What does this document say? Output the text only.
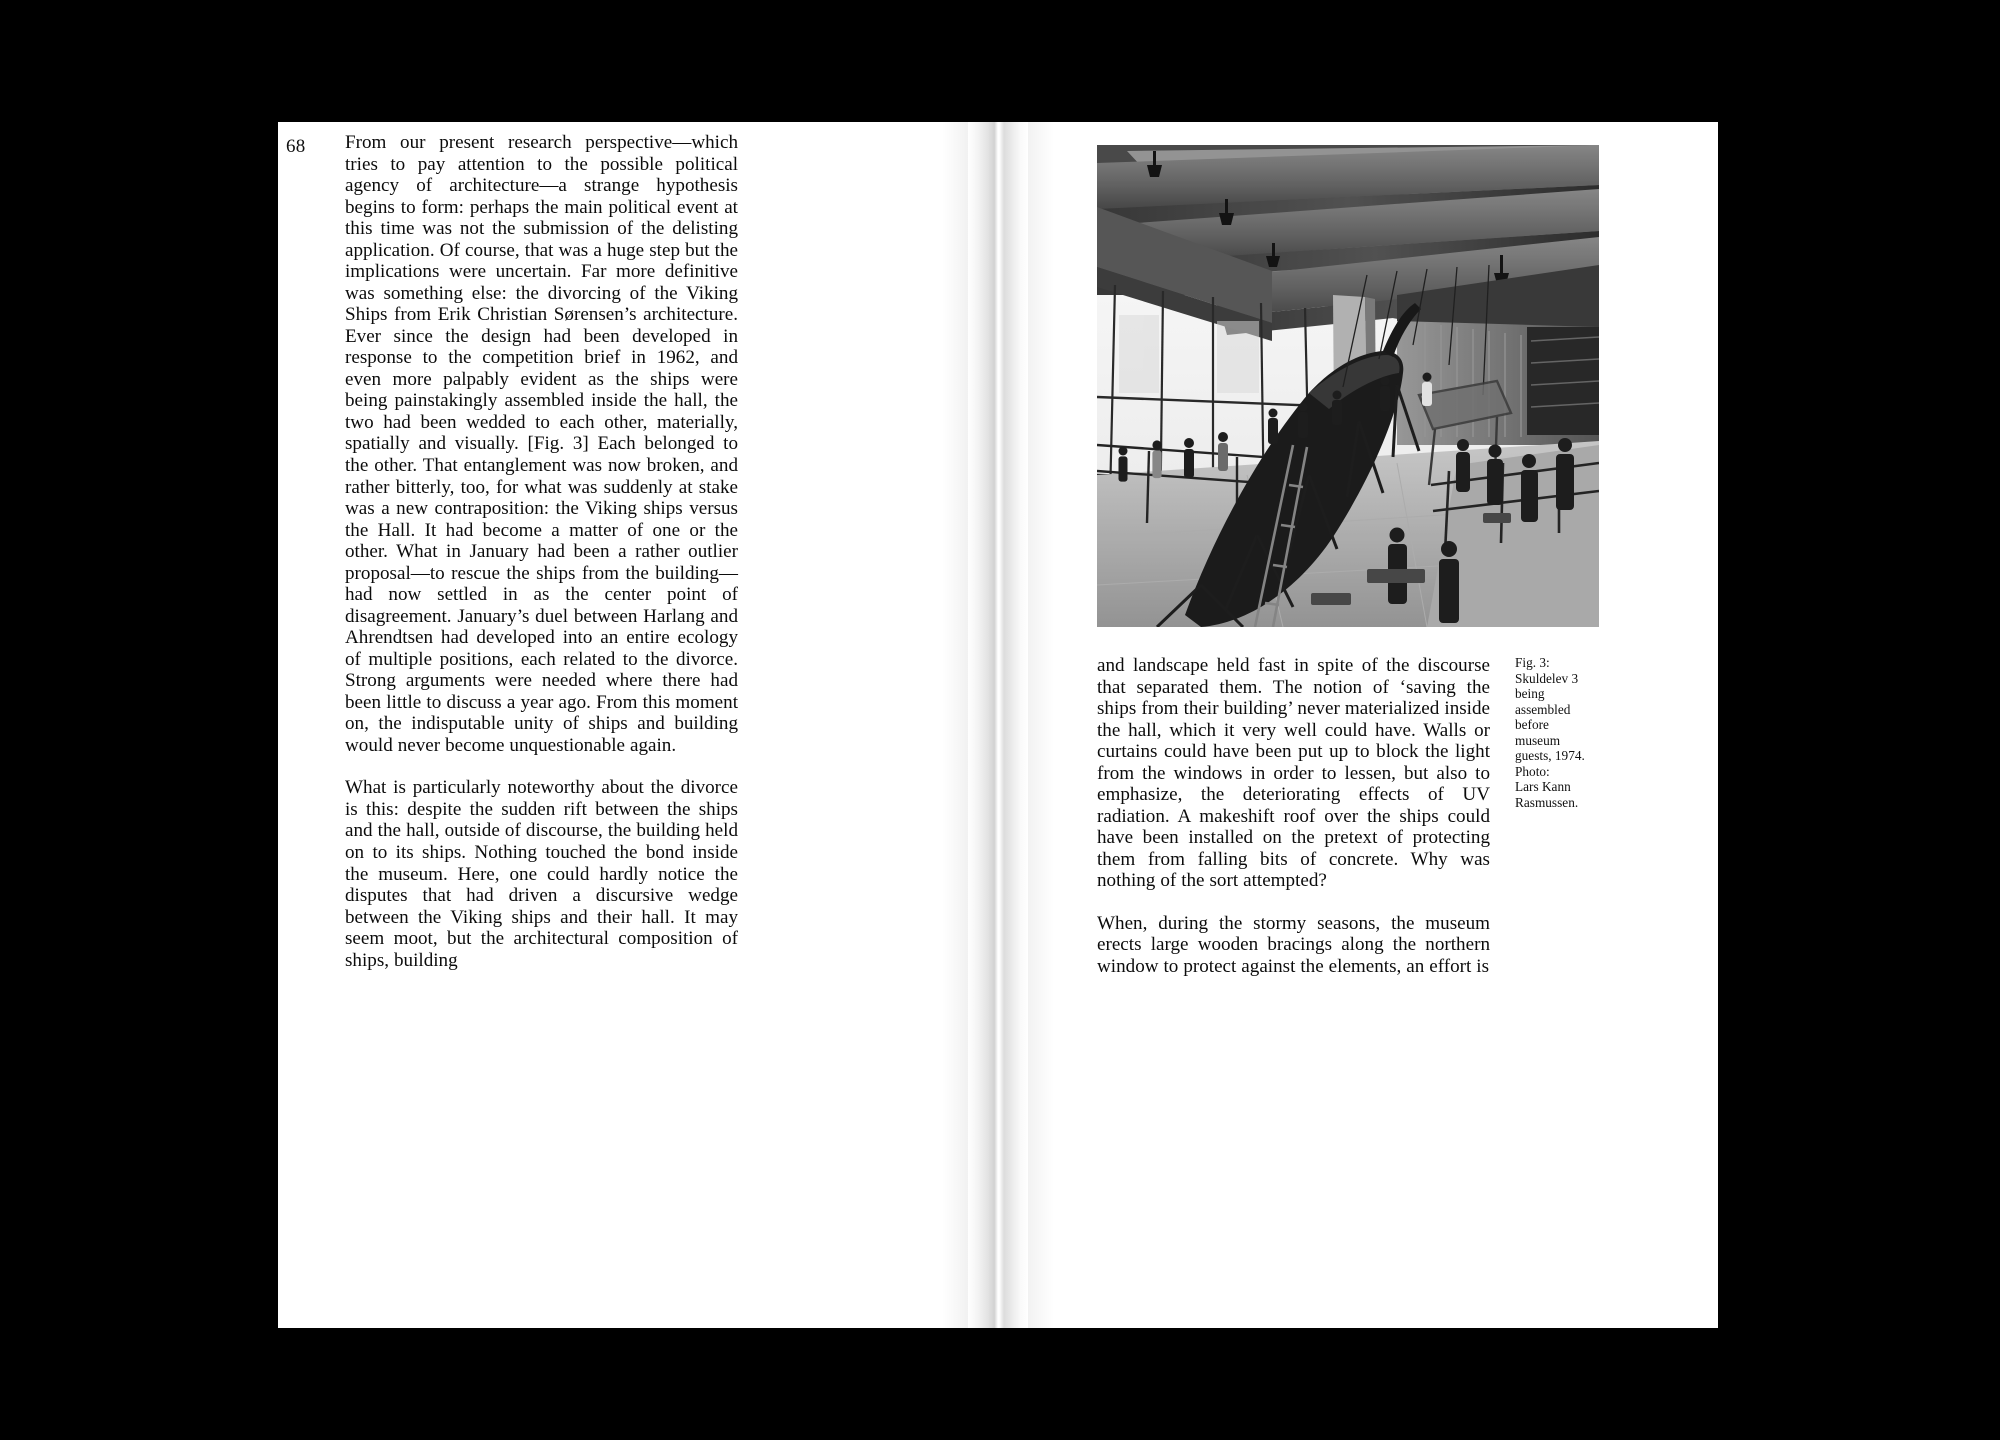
68 From our present research perspective—which tries to pay attention to the possible political agency of architecture—a strange hypothesis begins to form: perhaps the main political event at this time was not the submission of the delisting application. Of course, that was a huge step but the implications were uncertain. Far more definitive was something else: the divorcing of the Viking Ships from Erik Christian Sørensen’s architecture. Ever since the design had been developed in response to the competition brief in 1962, and even more palpably evident as the ships were being painstakingly assembled inside the hall, the two had been wedded to each other, materially, spatially and visually. [Fig. 3] Each belonged to the other. That entanglement was now broken, and rather bitterly, too, for what was suddenly at stake was a new contraposition: the Viking ships versus the Hall. It had become a matter of one or the other. What in January had been a rather outlier proposal—to rescue the ships from the building—had now settled in as the center point of disagreement. January’s duel between Harlang and Ahrendtsen had developed into an entire ecology of multiple positions, each related to the divorce. Strong arguments were needed where there had been little to discuss a year ago. From this moment on, the indisputable unity of ships and building would never become unquestionable again.

What is particularly noteworthy about the divorce is this: despite the sudden rift between the ships and the hall, outside of discourse, the building held on to its ships. Nothing touched the bond inside the museum. Here, one could hardly notice the disputes that had driven a discursive wedge between the Viking ships and their hall. It may seem moot, but the architectural composition of ships, building

and landscape held fast in spite of the discourse that separated them. The notion of ‘saving the ships from their building’ never materialized inside the hall, which it very well could have. Walls or curtains could have been put up to block the light from the windows in order to lessen, but also to emphasize, the deteriorating effects of UV radiation. A makeshift roof over the ships could have been installed on the pretext of protecting them from falling bits of concrete. Why was nothing of the sort attempted?

When, during the stormy seasons, the museum erects large wooden bracings along the northern window to protect against the elements, an effort is

Fig. 3:

Skuldelev 3

being

assembled

before

museum

guests, 1974.

Photo:

Lars Kann

Rasmussen.
